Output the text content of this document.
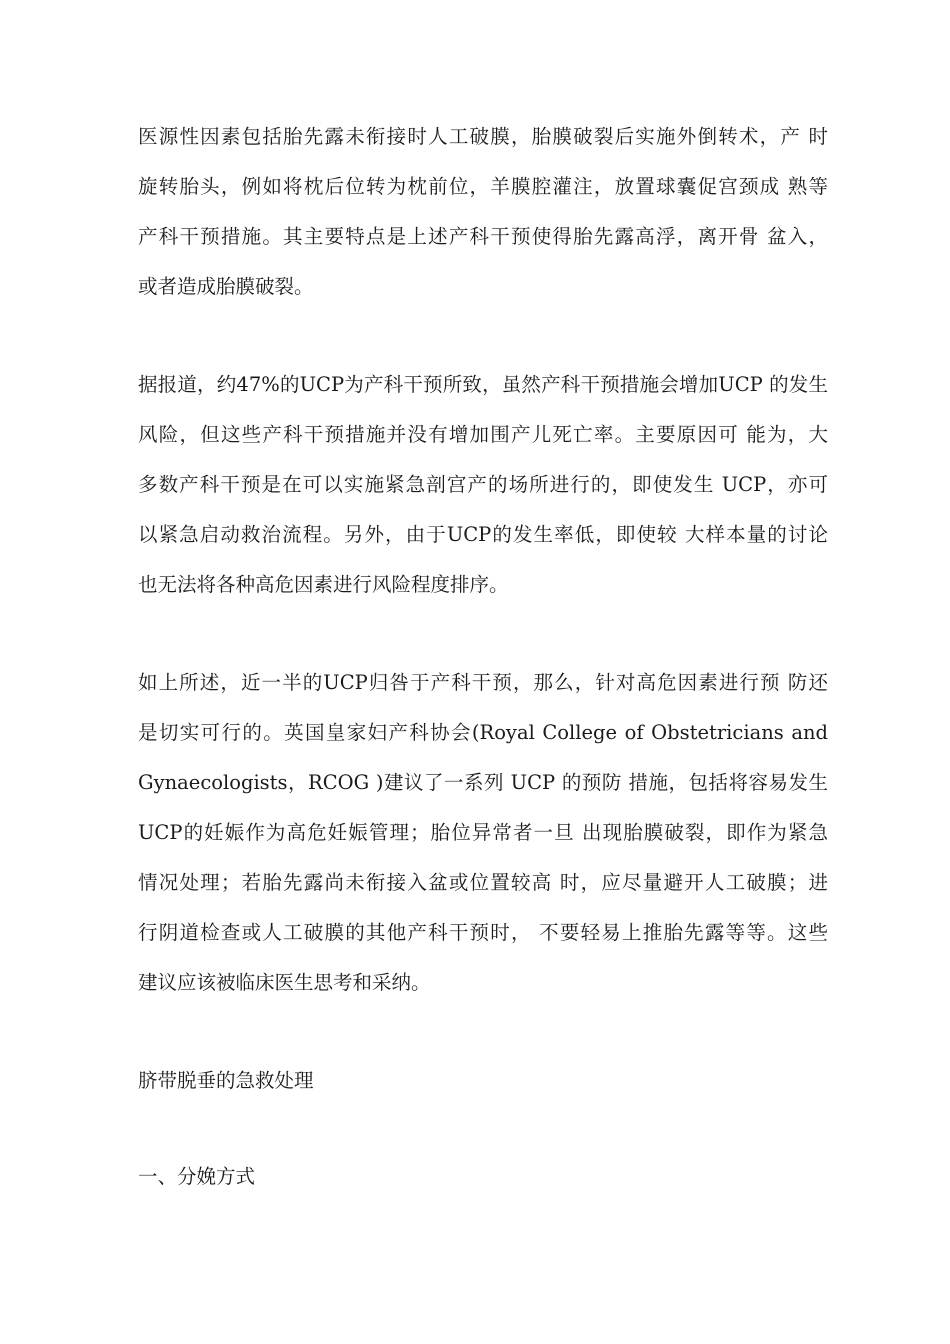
医源性因素包括胎先露未衔接时人工破膜，胎膜破裂后实施外倒转术，产 时
旋转胎头，例如将枕后位转为枕前位，羊膜腔灌注，放置球囊促宫颈成 熟等
产科干预措施。其主要特点是上述产科干预使得胎先露高浮，离开骨 盆入，
或者造成胎膜破裂。
据报道，约47%的UCP为产科干预所致，虽然产科干预措施会增加UCP 的发生
风险，但这些产科干预措施并没有增加围产儿死亡率。主要原因可 能为，大
多数产科干预是在可以实施紧急剖宫产的场所进行的，即使发生 UCP，亦可
以紧急启动救治流程。另外，由于UCP的发生率低，即使较 大样本量的讨论
也无法将各种高危因素进行风险程度排序。
如上所述，近一半的UCP归咎于产科干预，那么，针对高危因素进行预 防还
是切实可行的。英国皇家妇产科协会(Royal College of Obstetricians and
Gynaecologists，RCOG )建议了一系列 UCP 的预防 措施，包括将容易发生
UCP的妊娠作为高危妊娠管理；胎位异常者一旦 出现胎膜破裂，即作为紧急
情况处理；若胎先露尚未衔接入盆或位置较高 时，应尽量避开人工破膜；进
行阴道检查或人工破膜的其他产科干预时， 不要轻易上推胎先露等等。这些
建议应该被临床医生思考和采纳。
脐带脱垂的急救处理
一、分娩方式
